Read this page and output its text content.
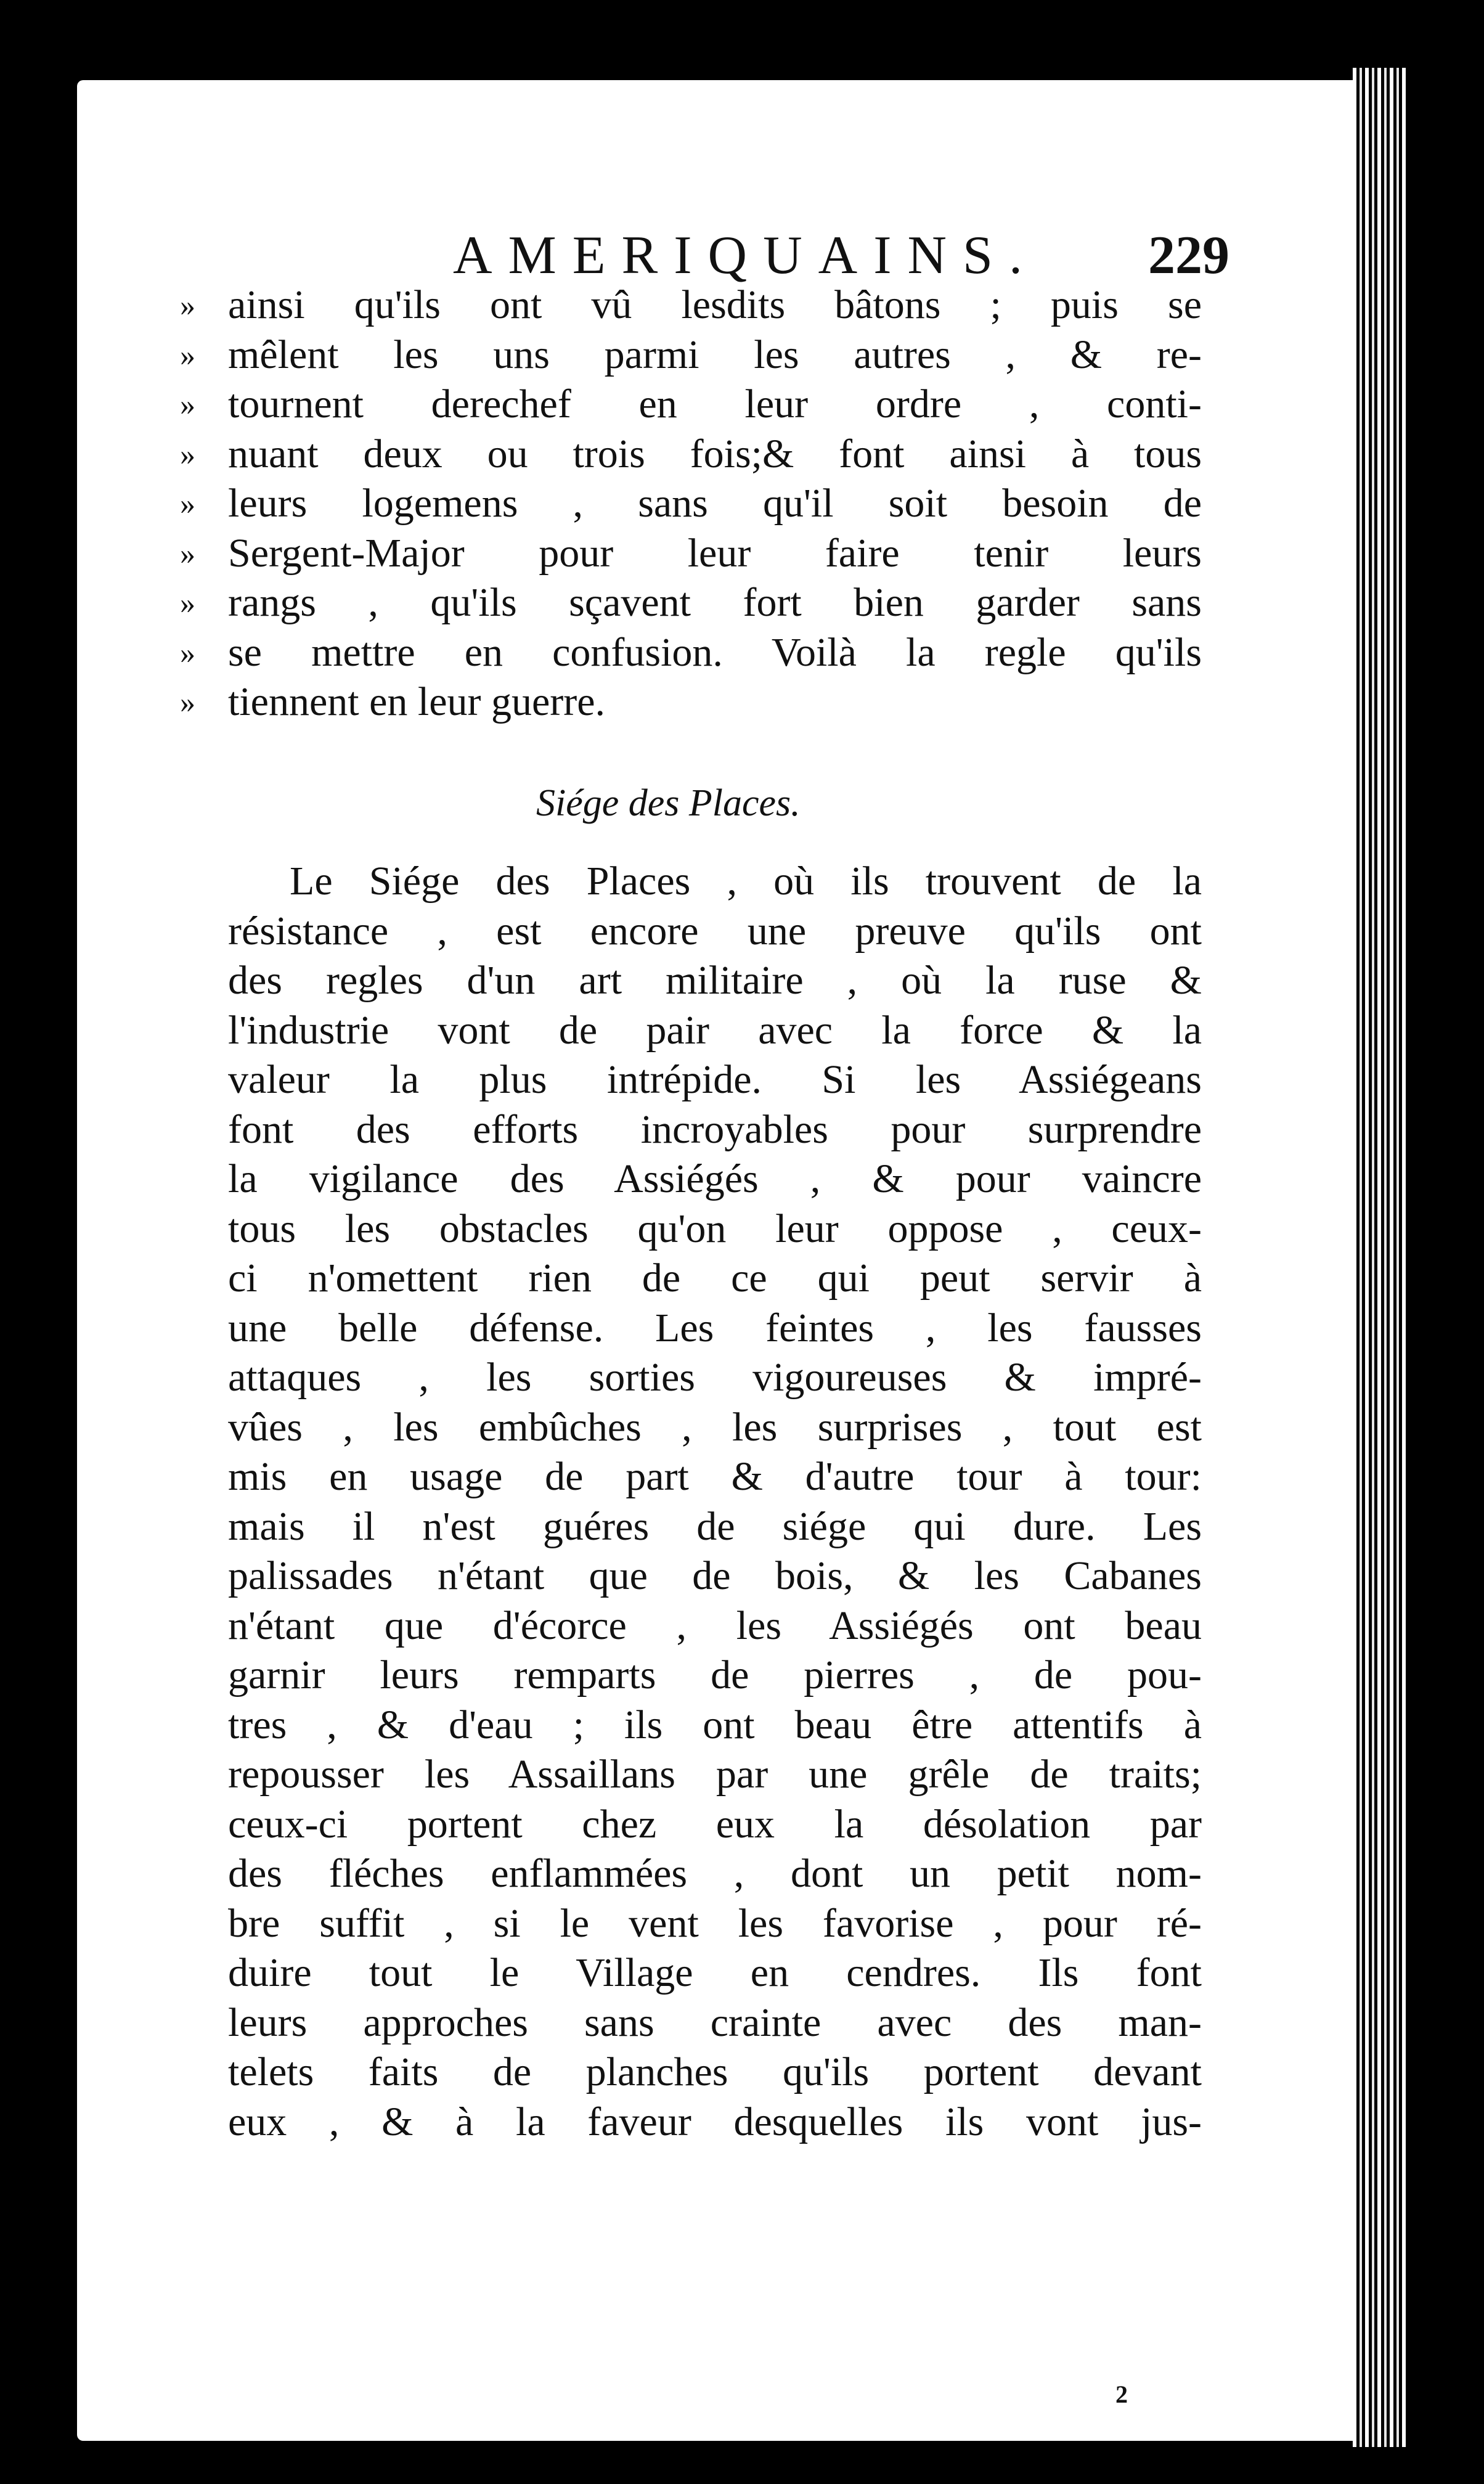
AMERIQUAINS. 229
» ainsi qu'ils ont vû lesdits bâtons ; puis se
» mêlent les uns parmi les autres , & re-
» tournent derechef en leur ordre , conti-
» nuant deux ou trois fois;& font ainsi à tous
» leurs logemens , sans qu'il soit besoin de
» Sergent-Major pour leur faire tenir leurs
» rangs , qu'ils sçavent fort bien garder sans
» se mettre en confusion. Voilà la regle qu'ils
» tiennent en leur guerre.
Siége des Places.
Le Siége des Places , où ils trouvent de la
résistance , est encore une preuve qu'ils ont
des regles d'un art militaire , où la ruse &
l'industrie vont de pair avec la force & la
valeur la plus intrépide. Si les Assiégeans
font des efforts incroyables pour surprendre
la vigilance des Assiégés , & pour vaincre
tous les obstacles qu'on leur oppose , ceux-
ci n'omettent rien de ce qui peut servir à
une belle défense. Les feintes , les fausses
attaques , les sorties vigoureuses & impré-
vûes , les embûches , les surprises , tout est
mis en usage de part & d'autre tour à tour:
mais il n'est guéres de siége qui dure. Les
palissades n'étant que de bois, & les Cabanes
n'étant que d'écorce , les Assiégés ont beau
garnir leurs remparts de pierres , de pou-
tres , & d'eau ; ils ont beau être attentifs à
repousser les Assaillans par une grêle de traits;
ceux-ci portent chez eux la désolation par
des fléches enflammées , dont un petit nom-
bre suffit , si le vent les favorise , pour ré-
duire tout le Village en cendres. Ils font
leurs approches sans crainte avec des man-
telets faits de planches qu'ils portent devant
eux , & à la faveur desquelles ils vont jus-
2
